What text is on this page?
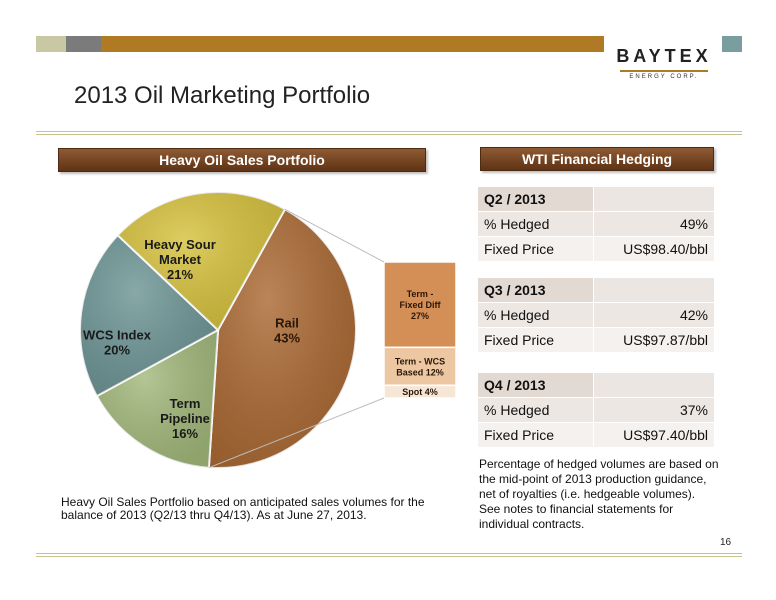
BAYTEX
ENERGY CORP.
2013 Oil Marketing Portfolio
Heavy Oil Sales Portfolio	WTI Financial Hedging
Rail
43%
Term
Pipeline
16%
WCS Index
20%
Heavy Sour
Market
21%
Term -
Fixed Diff
27%
Term - WCS
Based 12%
Spot 4%
Q2 / 2013	
% Hedged	49%
Fixed Price	US$98.40/bbl
Q3 / 2013	
% Hedged	42%
Fixed Price	US$97.87/bbl
Q4 / 2013	
% Hedged	37%
Fixed Price	US$97.40/bbl
Heavy Oil Sales Portfolio based on anticipated sales volumes for the balance of 2013 (Q2/13 thru Q4/13). As at June 27, 2013.
Percentage of hedged volumes are based on the mid-point of 2013 production guidance, net of royalties (i.e. hedgeable volumes). See notes to financial statements for individual contracts.
16
